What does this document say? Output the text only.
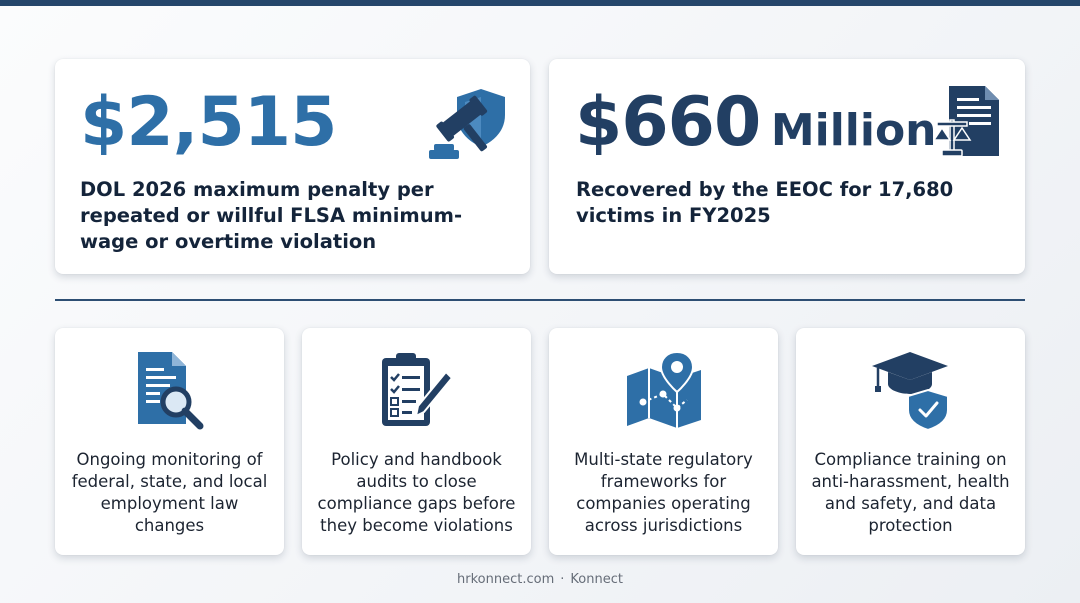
$2,515

DOL 2026 maximum penalty per repeated or willful FLSA minimum-wage or overtime violation

$660 Million

Recovered by the EEOC for 17,680 victims in FY2025

Ongoing monitoring of federal, state, and local employment law changes

Policy and handbook audits to close compliance gaps before they become violations

Multi-state regulatory frameworks for companies operating across jurisdictions

Compliance training on anti-harassment, health and safety, and data protection

hrkonnect.com · Konnect
